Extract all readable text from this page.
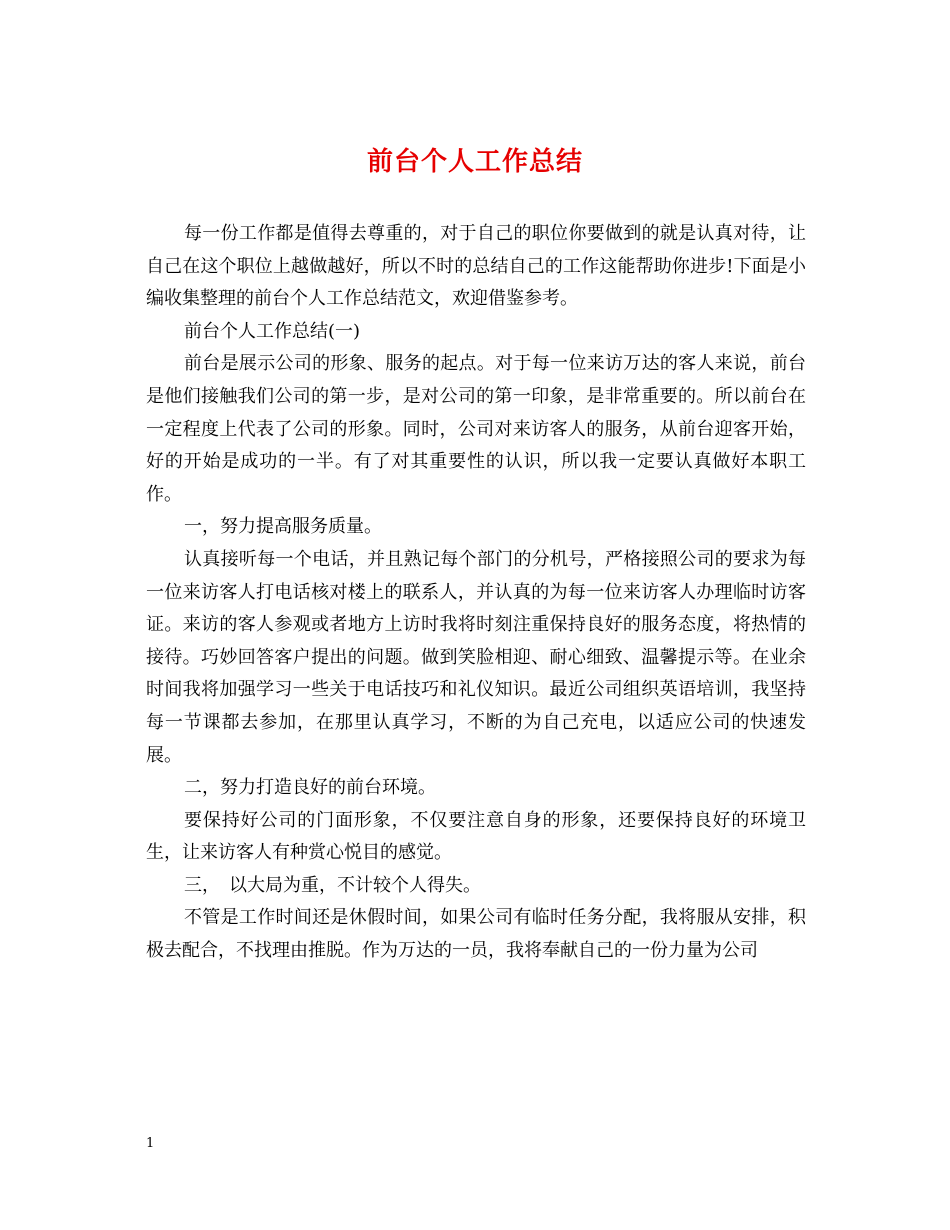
前台个人工作总结

每一份工作都是值得去尊重的，对于自己的职位你要做到的就是认真对待，让自己在这个职位上越做越好，所以不时的总结自己的工作这能帮助你进步!下面是小编收集整理的前台个人工作总结范文，欢迎借鉴参考。

前台个人工作总结(一)

前台是展示公司的形象、服务的起点。对于每一位来访万达的客人来说，前台是他们接触我们公司的第一步，是对公司的第一印象，是非常重要的。所以前台在一定程度上代表了公司的形象。同时，公司对来访客人的服务，从前台迎客开始，好的开始是成功的一半。有了对其重要性的认识，所以我一定要认真做好本职工作。

一，努力提高服务质量。

认真接听每一个电话，并且熟记每个部门的分机号，严格接照公司的要求为每一位来访客人打电话核对楼上的联系人，并认真的为每一位来访客人办理临时访客证。来访的客人参观或者地方上访时我将时刻注重保持良好的服务态度，将热情的接待。巧妙回答客户提出的问题。做到笑脸相迎、耐心细致、温馨提示等。在业余时间我将加强学习一些关于电话技巧和礼仪知识。最近公司组织英语培训，我坚持每一节课都去参加，在那里认真学习，不断的为自己充电，以适应公司的快速发展。

二，努力打造良好的前台环境。

要保持好公司的门面形象，不仅要注意自身的形象，还要保持良好的环境卫生，让来访客人有种赏心悦目的感觉。

三，　以大局为重，不计较个人得失。

不管是工作时间还是休假时间，如果公司有临时任务分配，我将服从安排，积极去配合，不找理由推脱。作为万达的一员，我将奉献自己的一份力量为公司

1
